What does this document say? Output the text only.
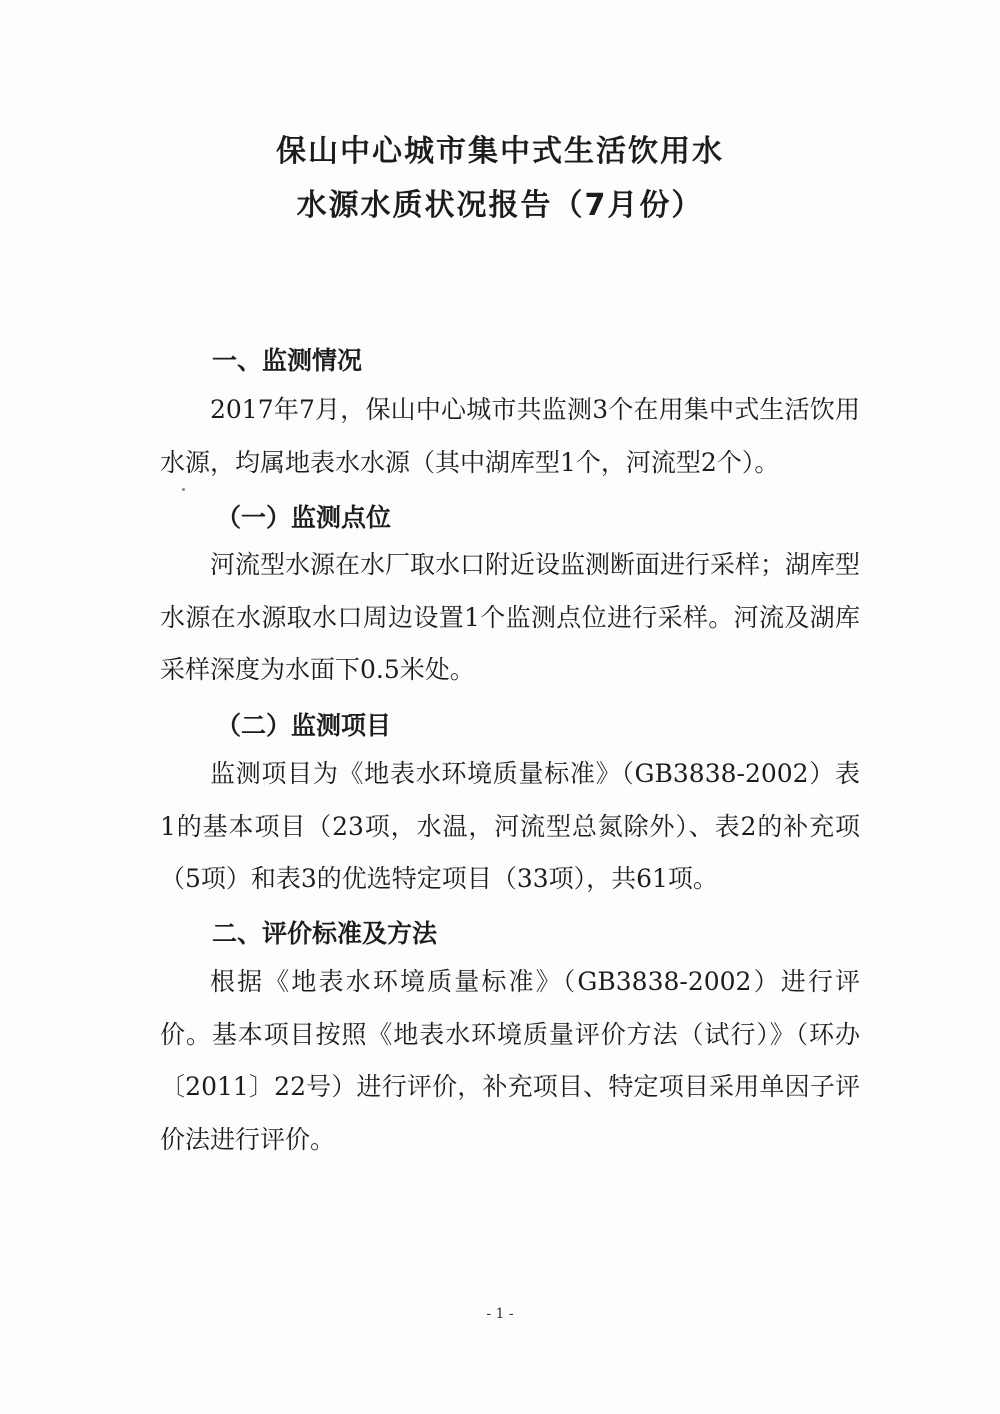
保山中心城市集中式生活饮用水
水源水质状况报告（7月份）
一、监测情况
2017年7月，保山中心城市共监测3个在用集中式生活饮用水源，均属地表水水源（其中湖库型1个，河流型2个）。
（一）监测点位
河流型水源在水厂取水口附近设监测断面进行采样；湖库型水源在水源取水口周边设置1个监测点位进行采样。河流及湖库采样深度为水面下0.5米处。
（二）监测项目
监测项目为《地表水环境质量标准》（GB3838-2002）表1的基本项目（23项，水温，河流型总氮除外）、表2的补充项（5项）和表3的优选特定项目（33项），共61项。
二、评价标准及方法
根据《地表水环境质量标准》（GB3838-2002）进行评价。基本项目按照《地表水环境质量评价方法（试行）》（环办〔2011〕22号）进行评价，补充项目、特定项目采用单因子评价法进行评价。
- 1 -
